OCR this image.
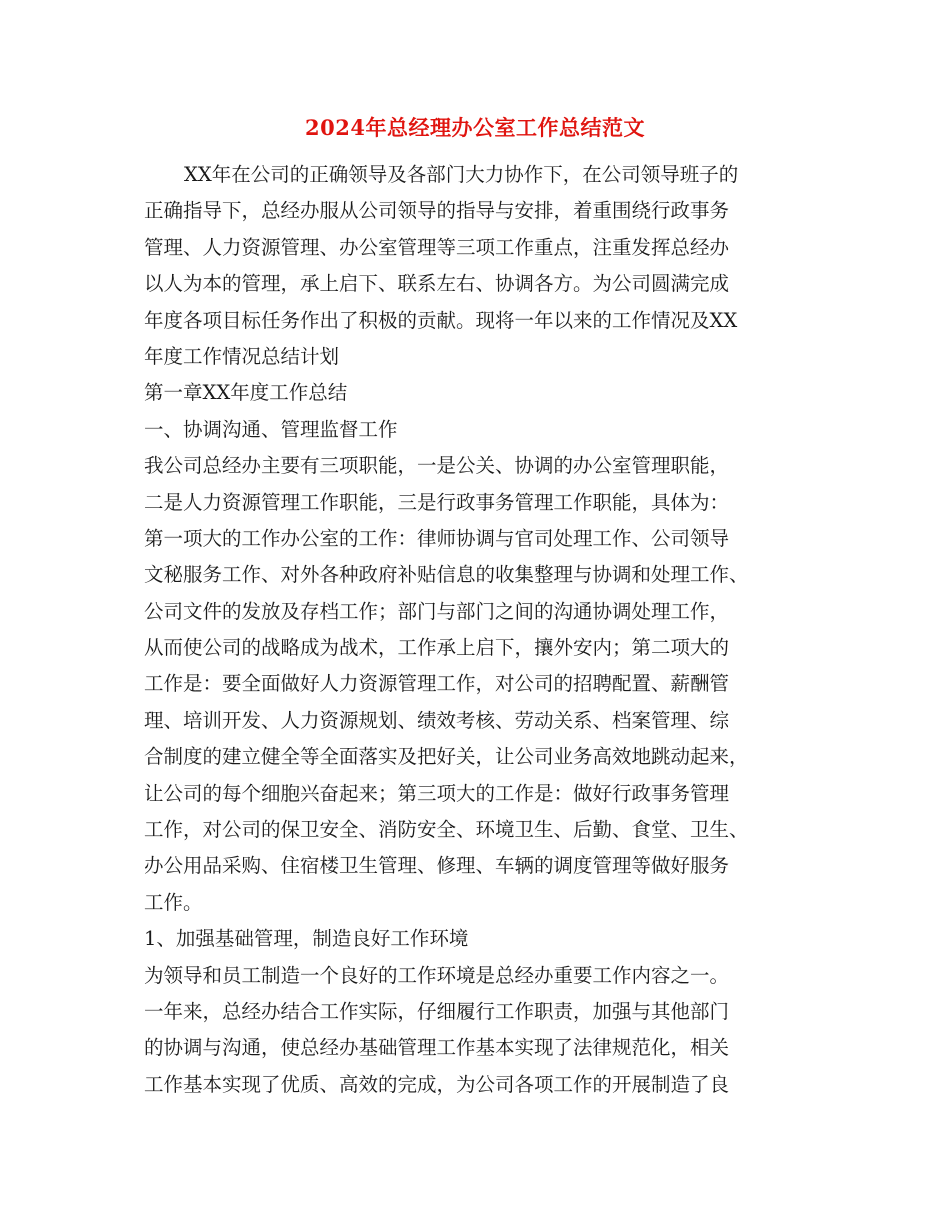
2024年总经理办公室工作总结范文
XX年在公司的正确领导及各部门大力协作下，在公司领导班子的
正确指导下，总经办服从公司领导的指导与安排，着重围绕行政事务
管理、人力资源管理、办公室管理等三项工作重点，注重发挥总经办
以人为本的管理，承上启下、联系左右、协调各方。为公司圆满完成
年度各项目标任务作出了积极的贡献。现将一年以来的工作情况及XX
年度工作情况总结计划
第一章XX年度工作总结
一、协调沟通、管理监督工作
我公司总经办主要有三项职能，一是公关、协调的办公室管理职能，
二是人力资源管理工作职能，三是行政事务管理工作职能，具体为：
第一项大的工作办公室的工作：律师协调与官司处理工作、公司领导
文秘服务工作、对外各种政府补贴信息的收集整理与协调和处理工作、
公司文件的发放及存档工作；部门与部门之间的沟通协调处理工作，
从而使公司的战略成为战术，工作承上启下，攘外安内；第二项大的
工作是：要全面做好人力资源管理工作，对公司的招聘配置、薪酬管
理、培训开发、人力资源规划、绩效考核、劳动关系、档案管理、综
合制度的建立健全等全面落实及把好关，让公司业务高效地跳动起来，
让公司的每个细胞兴奋起来；第三项大的工作是：做好行政事务管理
工作，对公司的保卫安全、消防安全、环境卫生、后勤、食堂、卫生、
办公用品采购、住宿楼卫生管理、修理、车辆的调度管理等做好服务
工作。
1、加强基础管理，制造良好工作环境
为领导和员工制造一个良好的工作环境是总经办重要工作内容之一。
一年来，总经办结合工作实际，仔细履行工作职责，加强与其他部门
的协调与沟通，使总经办基础管理工作基本实现了法律规范化，相关
工作基本实现了优质、高效的完成，为公司各项工作的开展制造了良
